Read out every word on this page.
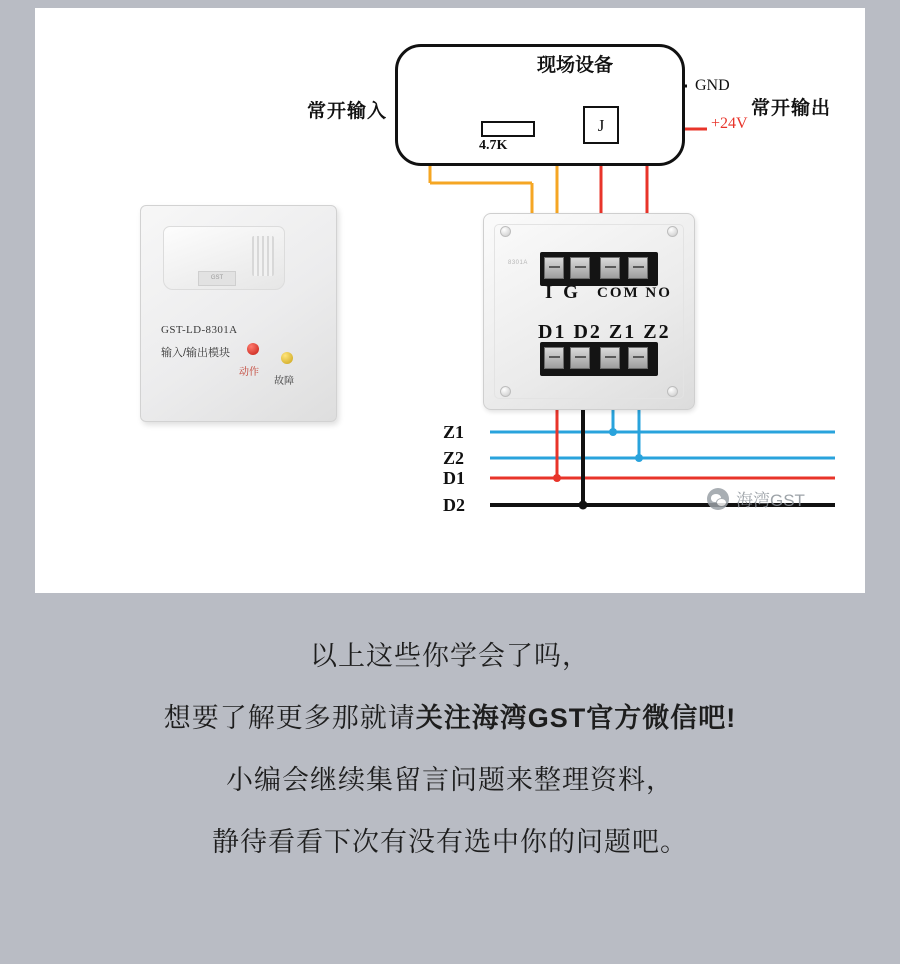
现场设备
常开输入	常开输出
GND
+24V
4.7K
J
GST
GST-LD-8301A
输入/输出模块
动作
故障
8301A
I G COM NO
D1 D2 Z1 Z2
Z1
Z2
D1
D2	海湾GST
以上这些你学会了吗，
想要了解更多那就请关注海湾GST官方微信吧!
小编会继续集留言问题来整理资料，
静待看看下次有没有选中你的问题吧。
